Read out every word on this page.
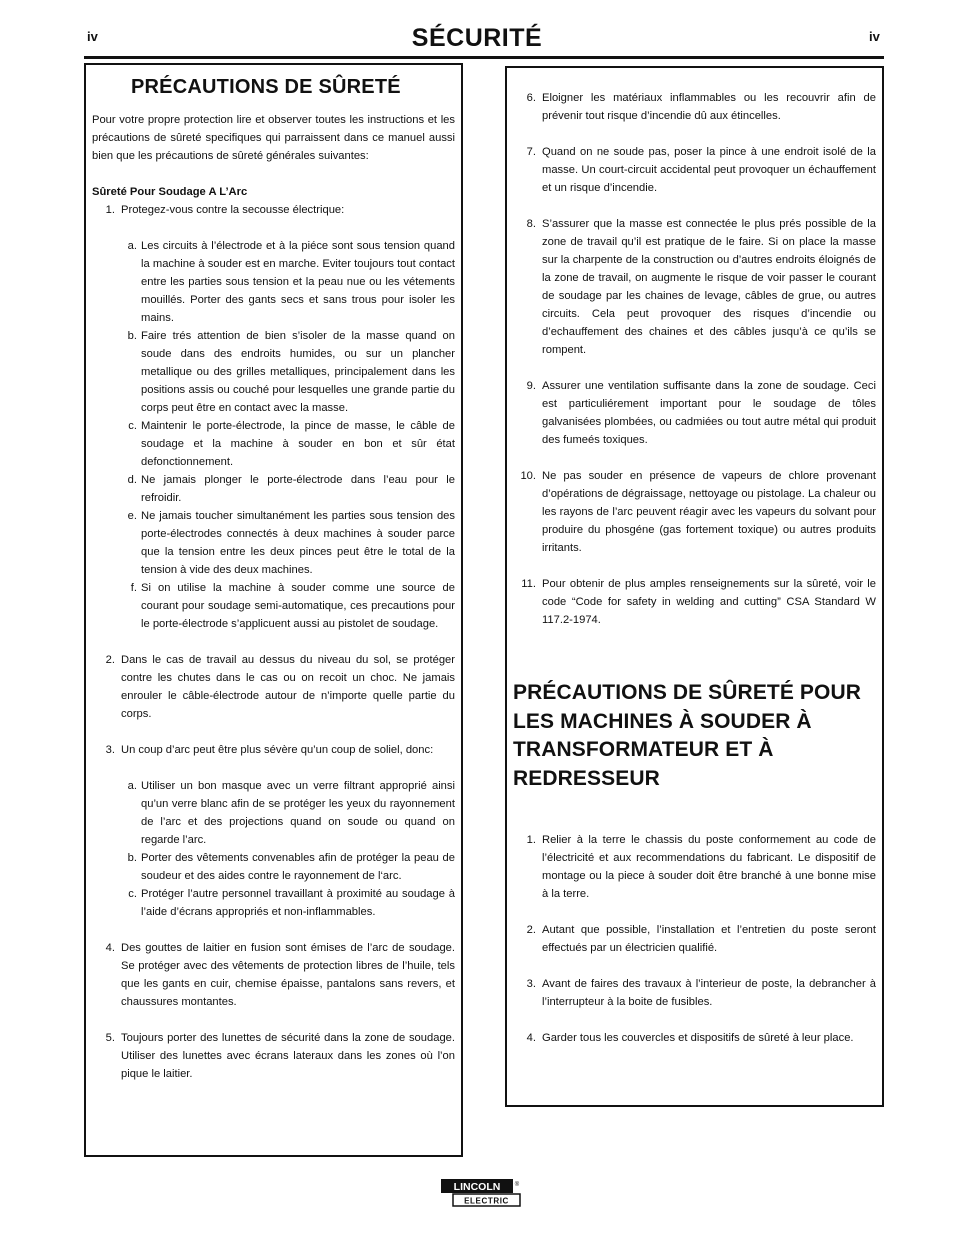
iv	SÉCURITÉ	iv
PRÉCAUTIONS DE SÛRETÉ

Pour votre propre protection lire et observer toutes les instructions et les précautions de sûreté specifiques qui parraissent dans ce manuel aussi bien que les précautions de sûreté générales suivantes:

Sûreté Pour Soudage A L’Arc
1. Protegez-vous contre la secousse électrique:
a. Les circuits à l’électrode et à la piéce sont sous tension quand la machine à souder est en marche. Eviter toujours tout contact entre les parties sous tension et la peau nue ou les vétements mouillés. Porter des gants secs et sans trous pour isoler les mains.
b. Faire trés attention de bien s’isoler de la masse quand on soude dans des endroits humides, ou sur un plancher metallique ou des grilles metalliques, principalement dans les positions assis ou couché pour lesquelles une grande partie du corps peut être en contact avec la masse.
c. Maintenir le porte-électrode, la pince de masse, le câble de soudage et la machine à souder en bon et sûr état defonctionnement.
d. Ne jamais plonger le porte-électrode dans l’eau pour le refroidir.
e. Ne jamais toucher simultanément les parties sous tension des porte-électrodes connectés à deux machines à souder parce que la tension entre les deux pinces peut être le total de la tension à vide des deux machines.
f. Si on utilise la machine à souder comme une source de courant pour soudage semi-automatique, ces precautions pour le porte-électrode s’applicuent aussi au pistolet de soudage.
2. Dans le cas de travail au dessus du niveau du sol, se protéger contre les chutes dans le cas ou on recoit un choc. Ne jamais enrouler le câble-électrode autour de n’importe quelle partie du corps.
3. Un coup d’arc peut être plus sévère qu’un coup de soliel, donc:
a. Utiliser un bon masque avec un verre filtrant approprié ainsi qu’un verre blanc afin de se protéger les yeux du rayonnement de l’arc et des projections quand on soude ou quand on regarde l’arc.
b. Porter des vêtements convenables afin de protéger la peau de soudeur et des aides contre le rayonnement de l‘arc.
c. Protéger l’autre personnel travaillant à proximité au soudage à l’aide d’écrans appropriés et non-inflammables.
4. Des gouttes de laitier en fusion sont émises de l’arc de soudage. Se protéger avec des vêtements de protection libres de l’huile, tels que les gants en cuir, chemise épaisse, pantalons sans revers, et chaussures montantes.
5. Toujours porter des lunettes de sécurité dans la zone de soudage. Utiliser des lunettes avec écrans lateraux dans les zones où l’on pique le laitier.
6. Eloigner les matériaux inflammables ou les recouvrir afin de prévenir tout risque d’incendie dû aux étincelles.
7. Quand on ne soude pas, poser la pince à une endroit isolé de la masse. Un court-circuit accidental peut provoquer un échauffement et un risque d’incendie.
8. S’assurer que la masse est connectée le plus prés possible de la zone de travail qu’il est pratique de le faire. Si on place la masse sur la charpente de la construction ou d’autres endroits éloignés de la zone de travail, on augmente le risque de voir passer le courant de soudage par les chaines de levage, câbles de grue, ou autres circuits. Cela peut provoquer des risques d’incendie ou d’echauffement des chaines et des câbles jusqu’à ce qu’ils se rompent.
9. Assurer une ventilation suffisante dans la zone de soudage. Ceci est particuliérement important pour le soudage de tôles galvanisées plombées, ou cadmiées ou tout autre métal qui produit des fumeés toxiques.
10. Ne pas souder en présence de vapeurs de chlore provenant d’opérations de dégraissage, nettoyage ou pistolage. La chaleur ou les rayons de l’arc peuvent réagir avec les vapeurs du solvant pour produire du phosgéne (gas fortement toxique) ou autres produits irritants.
11. Pour obtenir de plus amples renseignements sur la sûreté, voir le code “Code for safety in welding and cutting” CSA Standard W 117.2-1974.
PRÉCAUTIONS DE SÛRETÉ POUR LES MACHINES À SOUDER À TRANSFORMATEUR ET À REDRESSEUR
1. Relier à la terre le chassis du poste conformement au code de l’électricité et aux recommendations du fabricant. Le dispositif de montage ou la piece à souder doit être branché à une bonne mise à la terre.
2. Autant que possible, l’installation et l’entretien du poste seront effectués par un électricien qualifié.
3. Avant de faires des travaux à l’interieur de poste, la debrancher à l’interrupteur à la boite de fusibles.
4. Garder tous les couvercles et dispositifs de sûreté à leur place.
LINCOLN ®
ELECTRIC
